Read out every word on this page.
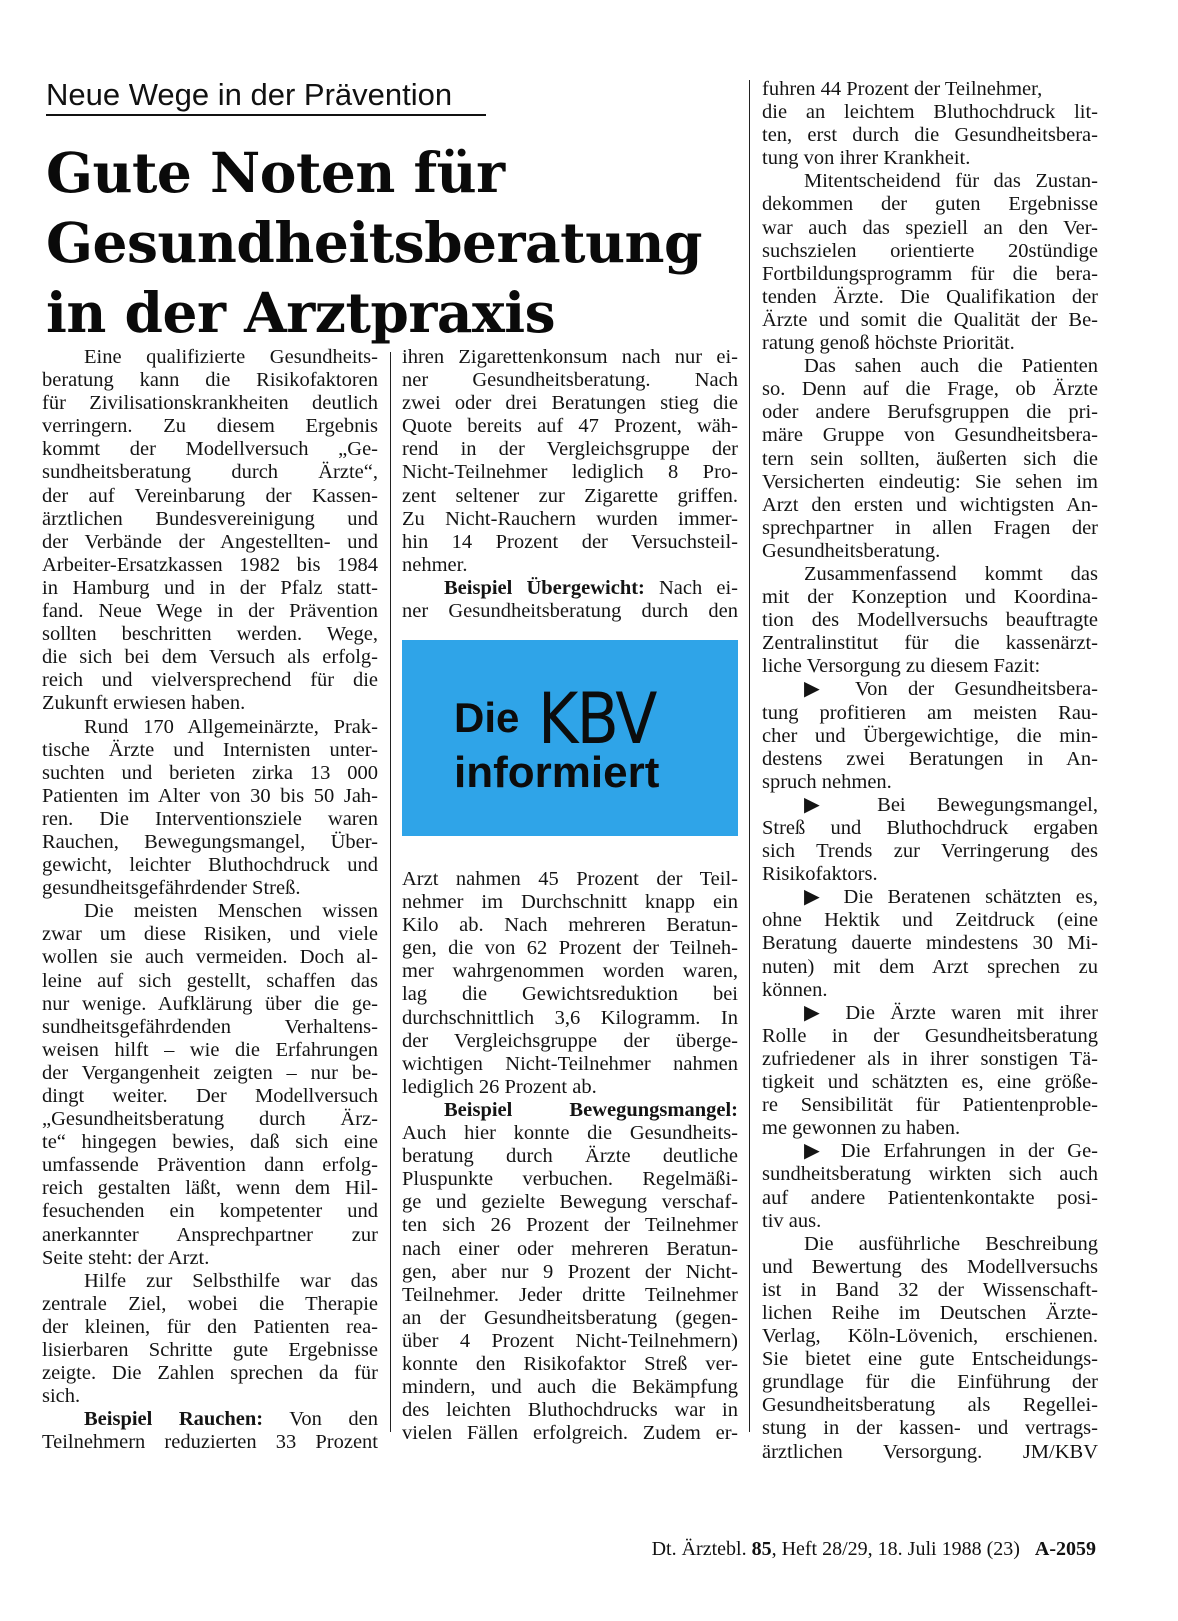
Neue Wege in der Prävention
Gute Noten für
Gesundheitsberatung
in der Arztpraxis
Eine qualifizierte Gesundheits-
beratung kann die Risikofaktoren
für Zivilisationskrankheiten deutlich
verringern. Zu diesem Ergebnis
kommt der Modellversuch „Ge-
sundheitsberatung durch Ärzte“,
der auf Vereinbarung der Kassen-
ärztlichen Bundesvereinigung und
der Verbände der Angestellten- und
Arbeiter-Ersatzkassen 1982 bis 1984
in Hamburg und in der Pfalz statt-
fand. Neue Wege in der Prävention
sollten beschritten werden. Wege,
die sich bei dem Versuch als erfolg-
reich und vielversprechend für die
Zukunft erwiesen haben.
Rund 170 Allgemeinärzte, Prak-
tische Ärzte und Internisten unter-
suchten und berieten zirka 13 000
Patienten im Alter von 30 bis 50 Jah-
ren. Die Interventionsziele waren
Rauchen, Bewegungsmangel, Über-
gewicht, leichter Bluthochdruck und
gesundheitsgefährdender Streß.
Die meisten Menschen wissen
zwar um diese Risiken, und viele
wollen sie auch vermeiden. Doch al-
leine auf sich gestellt, schaffen das
nur wenige. Aufklärung über die ge-
sundheitsgefährdenden Verhaltens-
weisen hilft – wie die Erfahrungen
der Vergangenheit zeigten – nur be-
dingt weiter. Der Modellversuch
„Gesundheitsberatung durch Ärz-
te“ hingegen bewies, daß sich eine
umfassende Prävention dann erfolg-
reich gestalten läßt, wenn dem Hil-
fesuchenden ein kompetenter und
anerkannter Ansprechpartner zur
Seite steht: der Arzt.
Hilfe zur Selbsthilfe war das
zentrale Ziel, wobei die Therapie
der kleinen, für den Patienten rea-
lisierbaren Schritte gute Ergebnisse
zeigte. Die Zahlen sprechen da für
sich.
Beispiel Rauchen: Von den
Teilnehmern reduzierten 33 Prozent
ihren Zigarettenkonsum nach nur ei-
ner Gesundheitsberatung. Nach
zwei oder drei Beratungen stieg die
Quote bereits auf 47 Prozent, wäh-
rend in der Vergleichsgruppe der
Nicht-Teilnehmer lediglich 8 Pro-
zent seltener zur Zigarette griffen.
Zu Nicht-Rauchern wurden immer-
hin 14 Prozent der Versuchsteil-
nehmer.
Beispiel Übergewicht: Nach ei-
ner Gesundheitsberatung durch den

Die KBV
informiert
Arzt nahmen 45 Prozent der Teil-
nehmer im Durchschnitt knapp ein
Kilo ab. Nach mehreren Beratun-
gen, die von 62 Prozent der Teilneh-
mer wahrgenommen worden waren,
lag die Gewichtsreduktion bei
durchschnittlich 3,6 Kilogramm. In
der Vergleichsgruppe der überge-
wichtigen Nicht-Teilnehmer nahmen
lediglich 26 Prozent ab.
Beispiel Bewegungsmangel:
Auch hier konnte die Gesundheits-
beratung durch Ärzte deutliche
Pluspunkte verbuchen. Regelmäßi-
ge und gezielte Bewegung verschaf-
ten sich 26 Prozent der Teilnehmer
nach einer oder mehreren Beratun-
gen, aber nur 9 Prozent der Nicht-
Teilnehmer. Jeder dritte Teilnehmer
an der Gesundheitsberatung (gegen-
über 4 Prozent Nicht-Teilnehmern)
konnte den Risikofaktor Streß ver-
mindern, und auch die Bekämpfung
des leichten Bluthochdrucks war in
vielen Fällen erfolgreich. Zudem er-
fuhren 44 Prozent der Teilnehmer,
die an leichtem Bluthochdruck lit-
ten, erst durch die Gesundheitsbera-
tung von ihrer Krankheit.
Mitentscheidend für das Zustan-
dekommen der guten Ergebnisse
war auch das speziell an den Ver-
suchszielen orientierte 20stündige
Fortbildungsprogramm für die bera-
tenden Ärzte. Die Qualifikation der
Ärzte und somit die Qualität der Be-
ratung genoß höchste Priorität.
Das sahen auch die Patienten
so. Denn auf die Frage, ob Ärzte
oder andere Berufsgruppen die pri-
märe Gruppe von Gesundheitsbera-
tern sein sollten, äußerten sich die
Versicherten eindeutig: Sie sehen im
Arzt den ersten und wichtigsten An-
sprechpartner in allen Fragen der
Gesundheitsberatung.
Zusammenfassend kommt das
mit der Konzeption und Koordina-
tion des Modellversuchs beauftragte
Zentralinstitut für die kassenärzt-
liche Versorgung zu diesem Fazit:
▶ Von der Gesundheitsbera-
tung profitieren am meisten Rau-
cher und Übergewichtige, die min-
destens zwei Beratungen in An-
spruch nehmen.
▶ Bei Bewegungsmangel,
Streß und Bluthochdruck ergaben
sich Trends zur Verringerung des
Risikofaktors.
▶ Die Beratenen schätzten es,
ohne Hektik und Zeitdruck (eine
Beratung dauerte mindestens 30 Mi-
nuten) mit dem Arzt sprechen zu
können.
▶ Die Ärzte waren mit ihrer
Rolle in der Gesundheitsberatung
zufriedener als in ihrer sonstigen Tä-
tigkeit und schätzten es, eine größe-
re Sensibilität für Patientenproble-
me gewonnen zu haben.
▶ Die Erfahrungen in der Ge-
sundheitsberatung wirkten sich auch
auf andere Patientenkontakte posi-
tiv aus.
Die ausführliche Beschreibung
und Bewertung des Modellversuchs
ist in Band 32 der Wissenschaft-
lichen Reihe im Deutschen Ärzte-
Verlag, Köln-Lövenich, erschienen.
Sie bietet eine gute Entscheidungs-
grundlage für die Einführung der
Gesundheitsberatung als Regellei-
stung in der kassen- und vertrags-
ärztlichen Versorgung. JM/KBV
Dt. Ärztebl. 85, Heft 28/29, 18. Juli 1988 (23) A-2059
